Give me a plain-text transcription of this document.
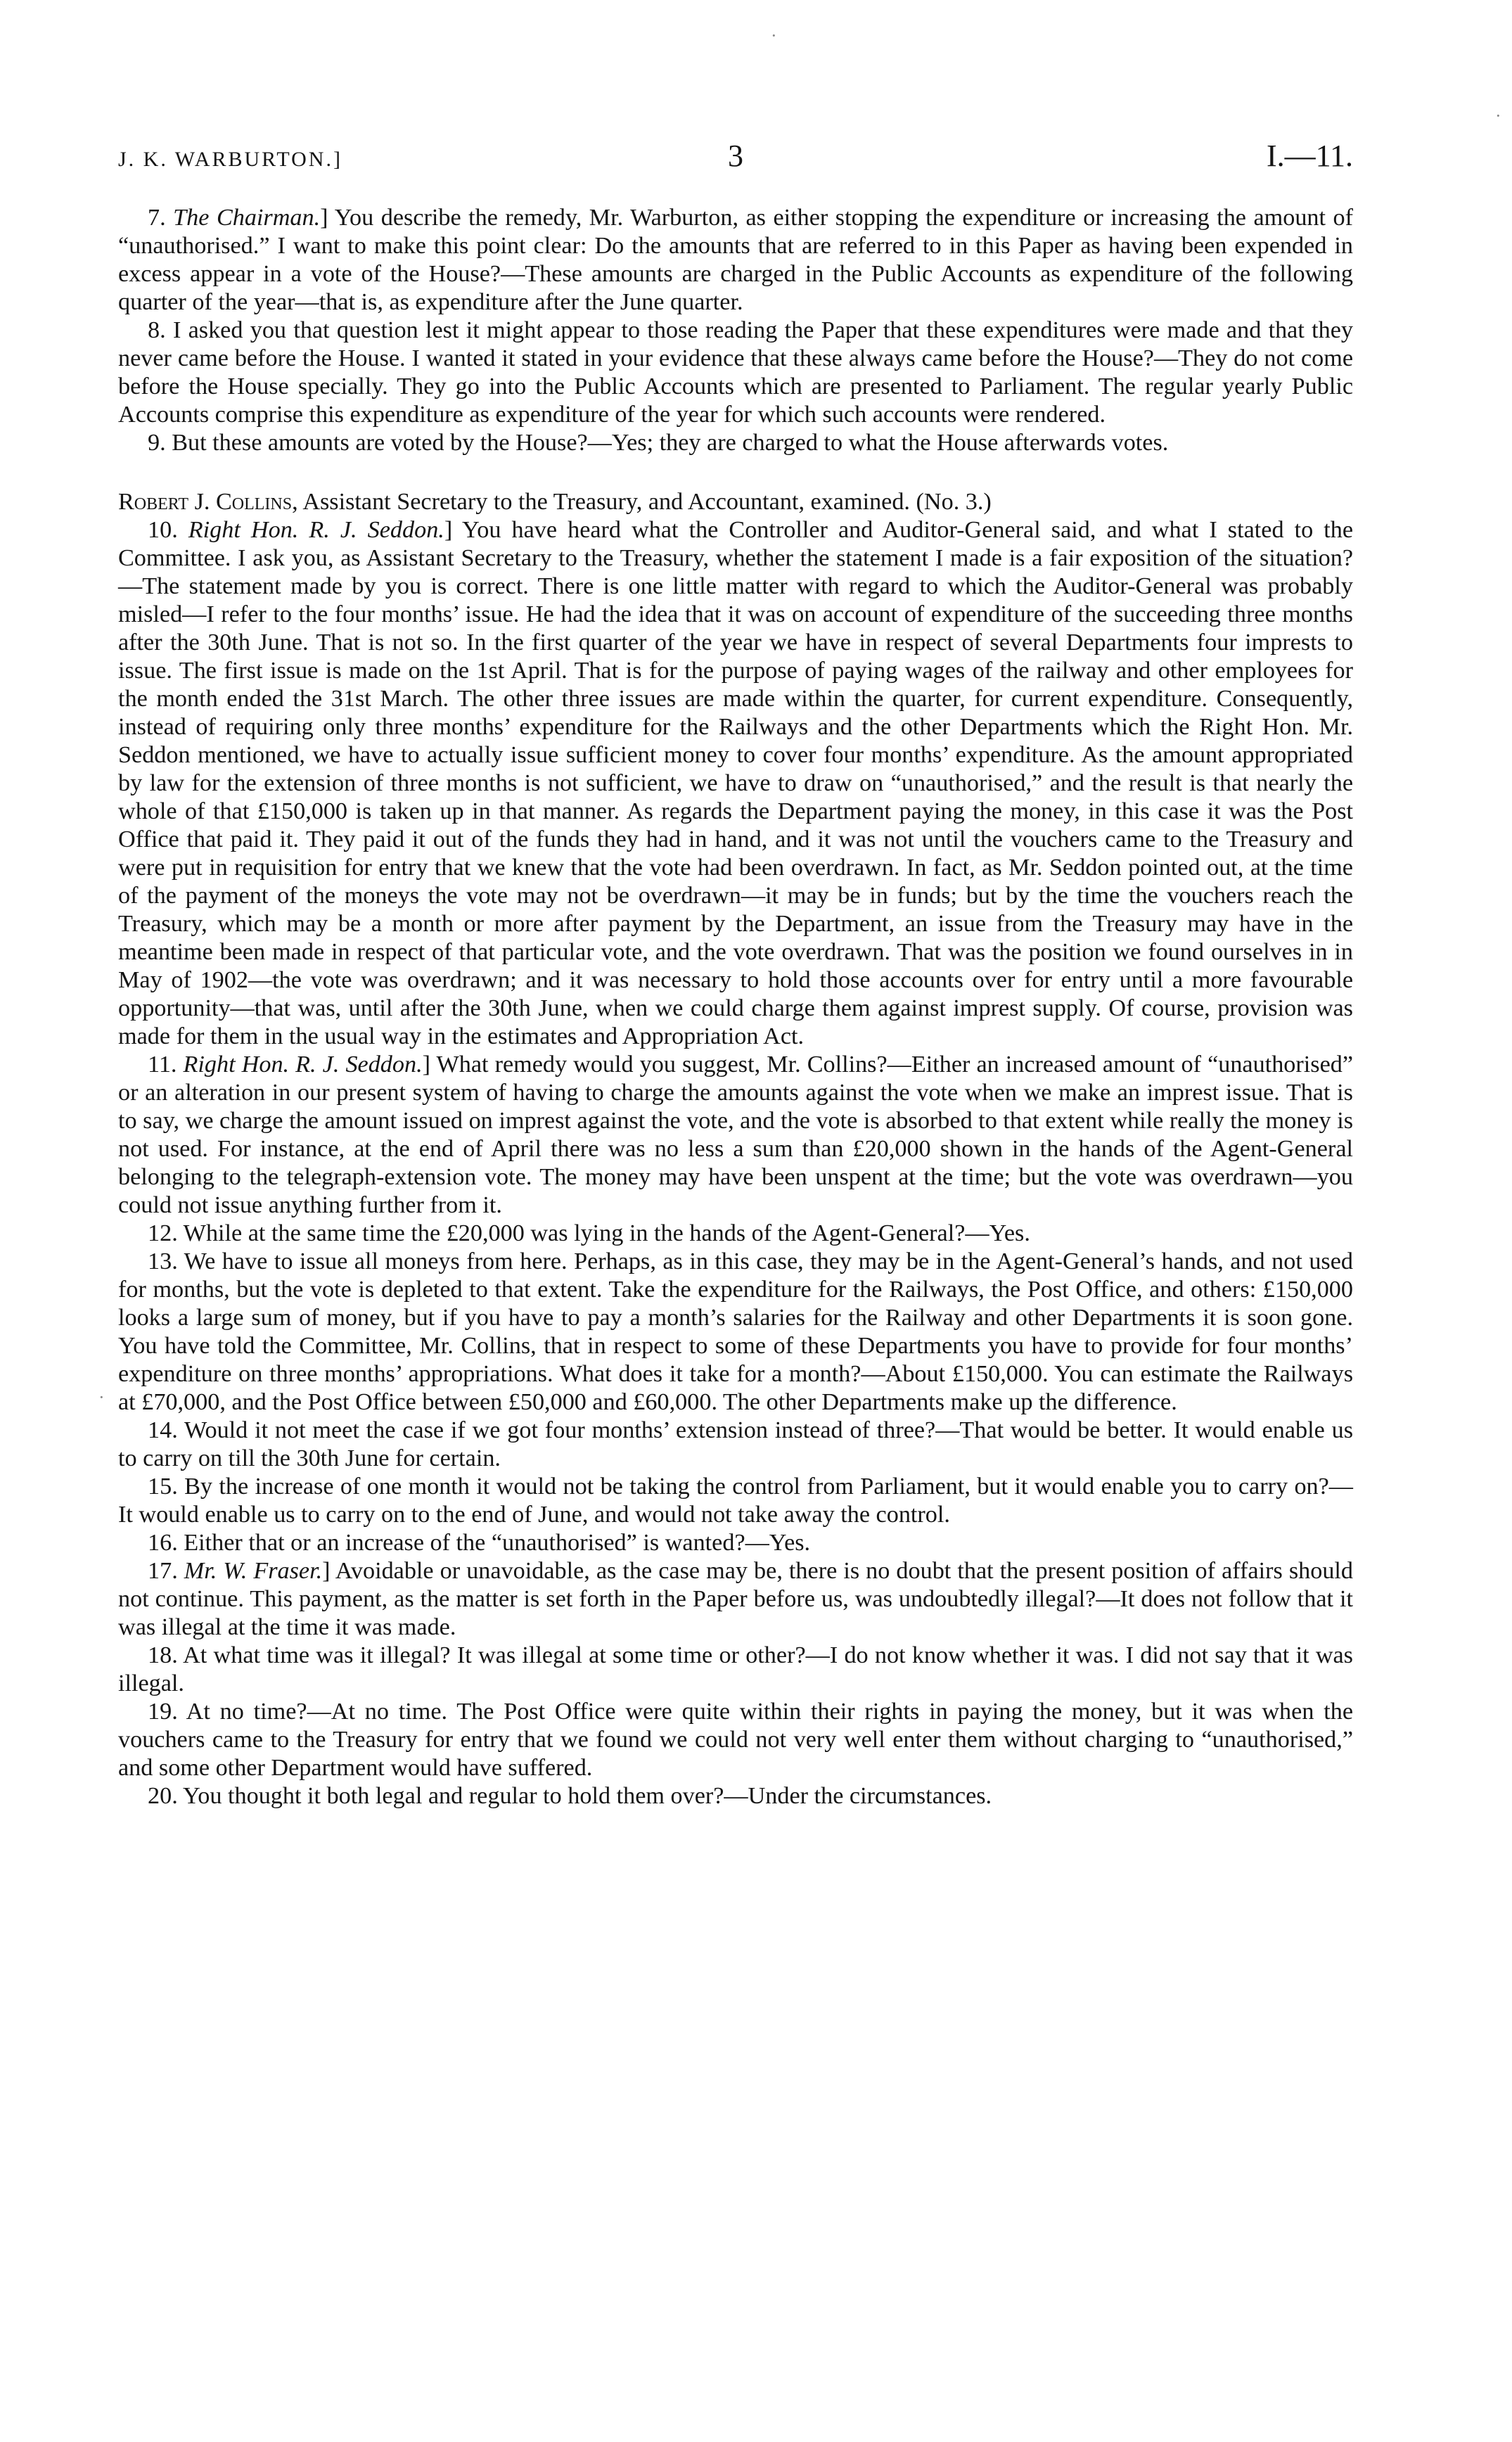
J. K. WARBURTON.]	3	I.—11.

7. The Chairman.] You describe the remedy, Mr. Warburton, as either stopping the expenditure or increasing the amount of “unauthorised.” I want to make this point clear: Do the amounts that are referred to in this Paper as having been expended in excess appear in a vote of the House?—These amounts are charged in the Public Accounts as expenditure of the following quarter of the year—that is, as expenditure after the June quarter.

8. I asked you that question lest it might appear to those reading the Paper that these expenditures were made and that they never came before the House. I wanted it stated in your evidence that these always came before the House?—They do not come before the House specially. They go into the Public Accounts which are presented to Parliament. The regular yearly Public Accounts comprise this expenditure as expenditure of the year for which such accounts were rendered.

9. But these amounts are voted by the House?—Yes; they are charged to what the House afterwards votes.

Robert J. Collins, Assistant Secretary to the Treasury, and Accountant, examined. (No. 3.)

10. Right Hon. R. J. Seddon.] You have heard what the Controller and Auditor-General said, and what I stated to the Committee. I ask you, as Assistant Secretary to the Treasury, whether the statement I made is a fair exposition of the situation?—The statement made by you is correct. There is one little matter with regard to which the Auditor-General was probably misled—I refer to the four months’ issue. He had the idea that it was on account of expenditure of the succeeding three months after the 30th June. That is not so. In the first quarter of the year we have in respect of several Departments four imprests to issue. The first issue is made on the 1st April. That is for the purpose of paying wages of the railway and other employees for the month ended the 31st March. The other three issues are made within the quarter, for current expenditure. Consequently, instead of requiring only three months’ expenditure for the Railways and the other Departments which the Right Hon. Mr. Seddon mentioned, we have to actually issue sufficient money to cover four months’ expenditure. As the amount appropriated by law for the extension of three months is not sufficient, we have to draw on “unauthorised,” and the result is that nearly the whole of that £150,000 is taken up in that manner. As regards the Department paying the money, in this case it was the Post Office that paid it. They paid it out of the funds they had in hand, and it was not until the vouchers came to the Treasury and were put in requisition for entry that we knew that the vote had been overdrawn. In fact, as Mr. Seddon pointed out, at the time of the payment of the moneys the vote may not be overdrawn—it may be in funds; but by the time the vouchers reach the Treasury, which may be a month or more after payment by the Department, an issue from the Treasury may have in the meantime been made in respect of that particular vote, and the vote overdrawn. That was the position we found ourselves in in May of 1902—the vote was overdrawn; and it was necessary to hold those accounts over for entry until a more favourable opportunity—that was, until after the 30th June, when we could charge them against imprest supply. Of course, provision was made for them in the usual way in the estimates and Appropriation Act.

11. Right Hon. R. J. Seddon.] What remedy would you suggest, Mr. Collins?—Either an increased amount of “unauthorised” or an alteration in our present system of having to charge the amounts against the vote when we make an imprest issue. That is to say, we charge the amount issued on imprest against the vote, and the vote is absorbed to that extent while really the money is not used. For instance, at the end of April there was no less a sum than £20,000 shown in the hands of the Agent-General belonging to the telegraph-extension vote. The money may have been unspent at the time; but the vote was overdrawn—you could not issue anything further from it.

12. While at the same time the £20,000 was lying in the hands of the Agent-General?—Yes.

13. We have to issue all moneys from here. Perhaps, as in this case, they may be in the Agent-General’s hands, and not used for months, but the vote is depleted to that extent. Take the expenditure for the Railways, the Post Office, and others: £150,000 looks a large sum of money, but if you have to pay a month’s salaries for the Railway and other Departments it is soon gone. You have told the Committee, Mr. Collins, that in respect to some of these Departments you have to provide for four months’ expenditure on three months’ appropriations. What does it take for a month?—About £150,000. You can estimate the Railways at £70,000, and the Post Office between £50,000 and £60,000. The other Departments make up the difference.

14. Would it not meet the case if we got four months’ extension instead of three?—That would be better. It would enable us to carry on till the 30th June for certain.

15. By the increase of one month it would not be taking the control from Parliament, but it would enable you to carry on?—It would enable us to carry on to the end of June, and would not take away the control.

16. Either that or an increase of the “unauthorised” is wanted?—Yes.

17. Mr. W. Fraser.] Avoidable or unavoidable, as the case may be, there is no doubt that the present position of affairs should not continue. This payment, as the matter is set forth in the Paper before us, was undoubtedly illegal?—It does not follow that it was illegal at the time it was made.

18. At what time was it illegal? It was illegal at some time or other?—I do not know whether it was. I did not say that it was illegal.

19. At no time?—At no time. The Post Office were quite within their rights in paying the money, but it was when the vouchers came to the Treasury for entry that we found we could not very well enter them without charging to “unauthorised,” and some other Department would have suffered.

20. You thought it both legal and regular to hold them over?—Under the circumstances.

·
·
·
